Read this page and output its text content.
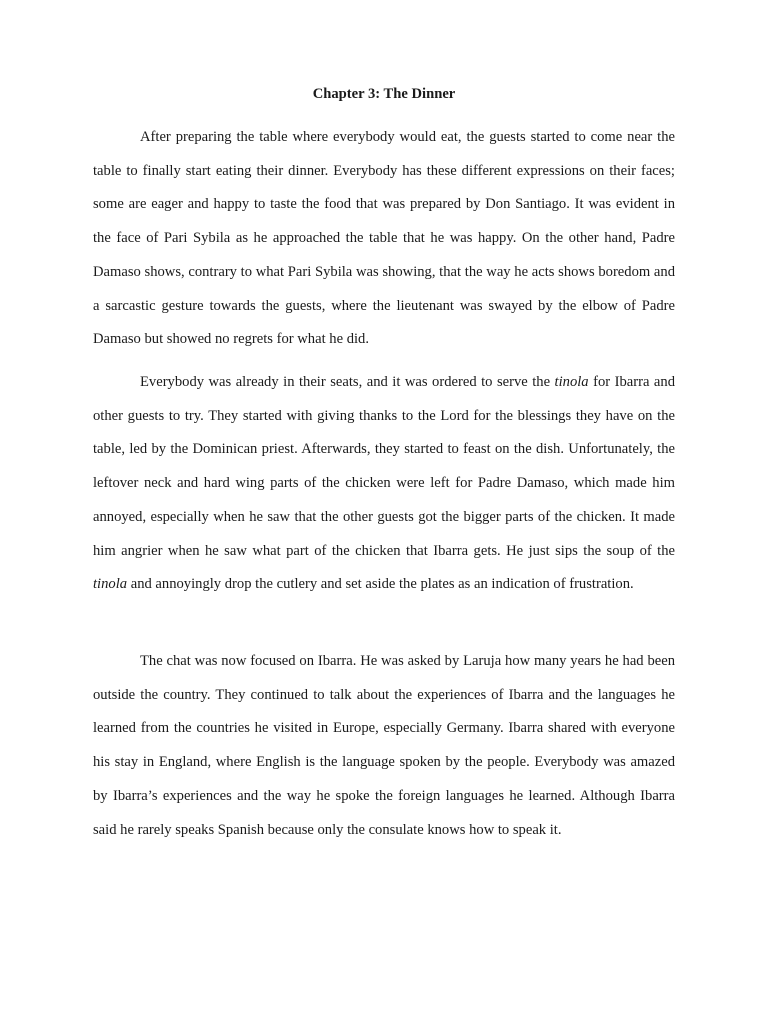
Chapter 3: The Dinner

After preparing the table where everybody would eat, the guests started to come near the table to finally start eating their dinner. Everybody has these different expressions on their faces; some are eager and happy to taste the food that was prepared by Don Santiago. It was evident in the face of Pari Sybila as he approached the table that he was happy. On the other hand, Padre Damaso shows, contrary to what Pari Sybila was showing, that the way he acts shows boredom and a sarcastic gesture towards the guests, where the lieutenant was swayed by the elbow of Padre Damaso but showed no regrets for what he did.

Everybody was already in their seats, and it was ordered to serve the tinola for Ibarra and other guests to try. They started with giving thanks to the Lord for the blessings they have on the table, led by the Dominican priest. Afterwards, they started to feast on the dish. Unfortunately, the leftover neck and hard wing parts of the chicken were left for Padre Damaso, which made him annoyed, especially when he saw that the other guests got the bigger parts of the chicken. It made him angrier when he saw what part of the chicken that Ibarra gets. He just sips the soup of the tinola and annoyingly drop the cutlery and set aside the plates as an indication of frustration.

The chat was now focused on Ibarra. He was asked by Laruja how many years he had been outside the country. They continued to talk about the experiences of Ibarra and the languages he learned from the countries he visited in Europe, especially Germany. Ibarra shared with everyone his stay in England, where English is the language spoken by the people. Everybody was amazed by Ibarra’s experiences and the way he spoke the foreign languages he learned. Although Ibarra said he rarely speaks Spanish because only the consulate knows how to speak it.
